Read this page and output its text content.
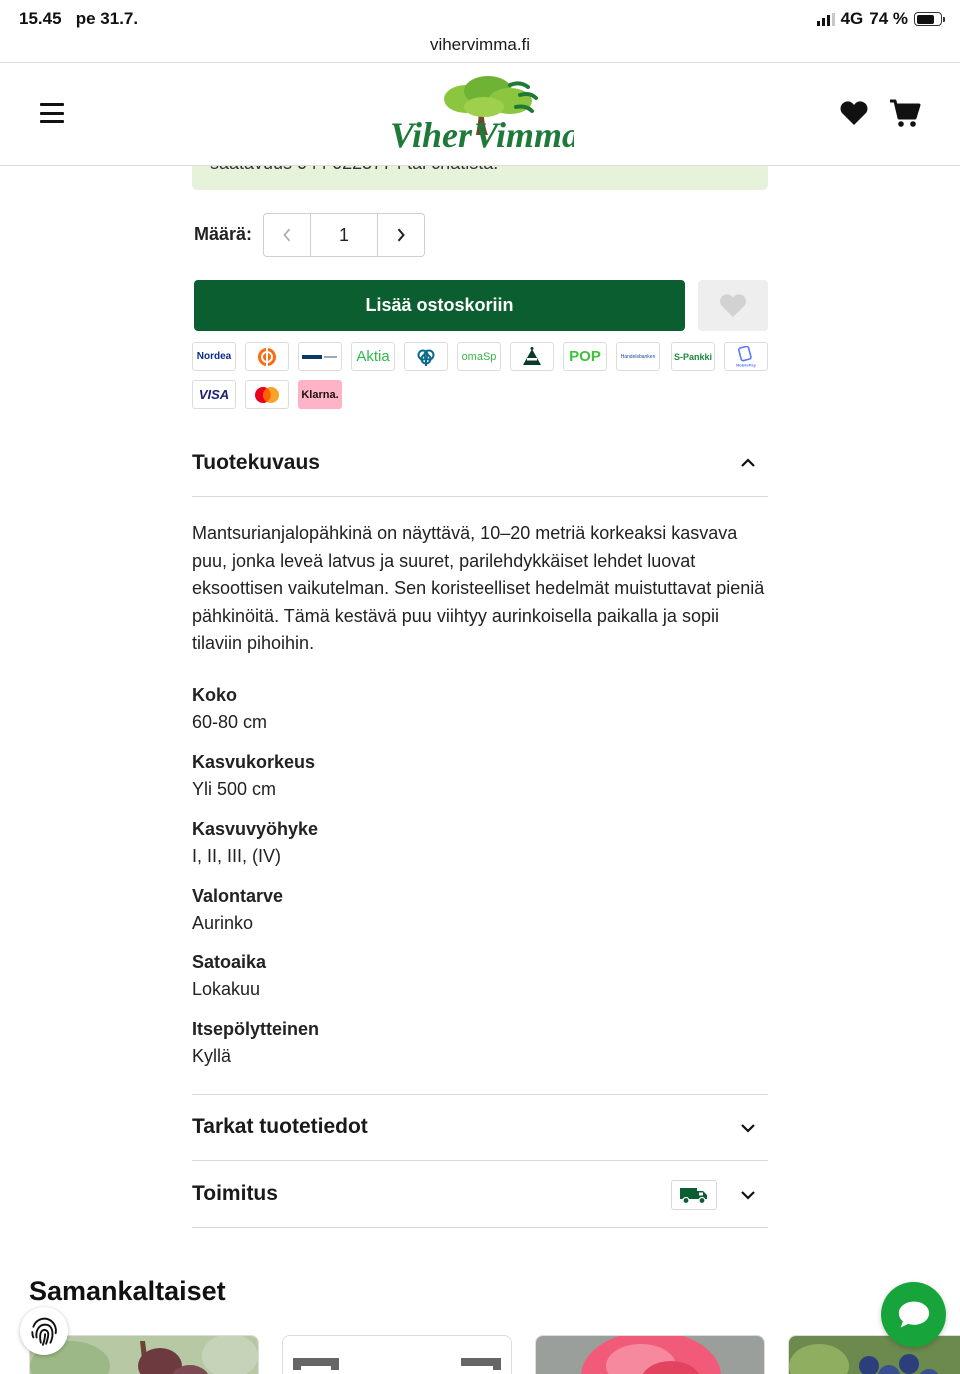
15.45 pe 31.7.	4G 74 %
vihervimma.fi
Viher Vimma
Määrä:	1
Lisää ostoskoriin
Nordea	Aktia	omaSp	POP	Handelsbanken S-Pankki
MobilePay
VISA	Klarna.
Tuotekuvaus
Mantsurianjalopähkinä on näyttävä, 10–20 metriä korkeaksi kasvava puu, jonka leveä latvus ja suuret, parilehdykkäiset lehdet luovat eksoottisen vaikutelman. Sen koristeelliset hedelmät muistuttavat pieniä pähkinöitä. Tämä kestävä puu viihtyy aurinkoisella paikalla ja sopii tilaviin pihoihin.
Koko
60-80 cm
Kasvukorkeus
Yli 500 cm
Kasvuvyöhyke
I, II, III, (IV)
Valontarve
Aurinko
Satoaika
Lokakuu
Itsepölytteinen
Kyllä
Tarkat tuotetiedot
Toimitus
Samankaltaiset
